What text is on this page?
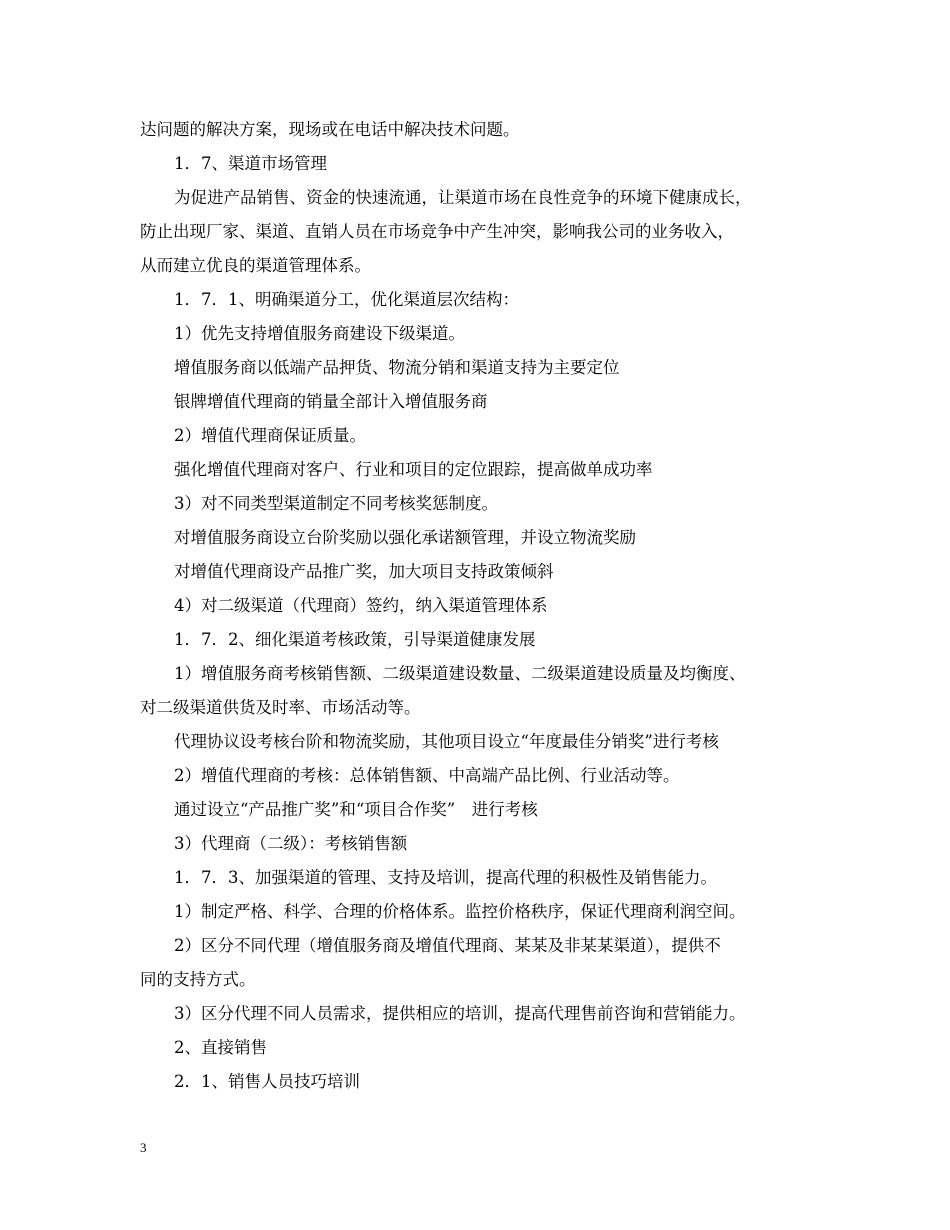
达问题的解决方案，现场或在电话中解决技术问题。
1．7、渠道市场管理
为促进产品销售、资金的快速流通，让渠道市场在良性竞争的环境下健康成长，
防止出现厂家、渠道、直销人员在市场竞争中产生冲突，影响我公司的业务收入，
从而建立优良的渠道管理体系。
1．7．1、明确渠道分工，优化渠道层次结构：
1）优先支持增值服务商建设下级渠道。
增值服务商以低端产品押货、物流分销和渠道支持为主要定位
银牌增值代理商的销量全部计入增值服务商
2）增值代理商保证质量。
强化增值代理商对客户、行业和项目的定位跟踪，提高做单成功率
3）对不同类型渠道制定不同考核奖惩制度。
对增值服务商设立台阶奖励以强化承诺额管理，并设立物流奖励
对增值代理商设产品推广奖，加大项目支持政策倾斜
4）对二级渠道（代理商）签约，纳入渠道管理体系
1．7．2、细化渠道考核政策，引导渠道健康发展
1）增值服务商考核销售额、二级渠道建设数量、二级渠道建设质量及均衡度、
对二级渠道供货及时率、市场活动等。
代理协议设考核台阶和物流奖励，其他项目设立“年度最佳分销奖”进行考核
2）增值代理商的考核：总体销售额、中高端产品比例、行业活动等。
通过设立“产品推广奖”和“项目合作奖”　进行考核
3）代理商（二级）：考核销售额
1．7．3、加强渠道的管理、支持及培训，提高代理的积极性及销售能力。
1）制定严格、科学、合理的价格体系。监控价格秩序，保证代理商利润空间。
2）区分不同代理（增值服务商及增值代理商、某某及非某某渠道），提供不
同的支持方式。
3）区分代理不同人员需求，提供相应的培训，提高代理售前咨询和营销能力。
2、直接销售
2．1、销售人员技巧培训
3
